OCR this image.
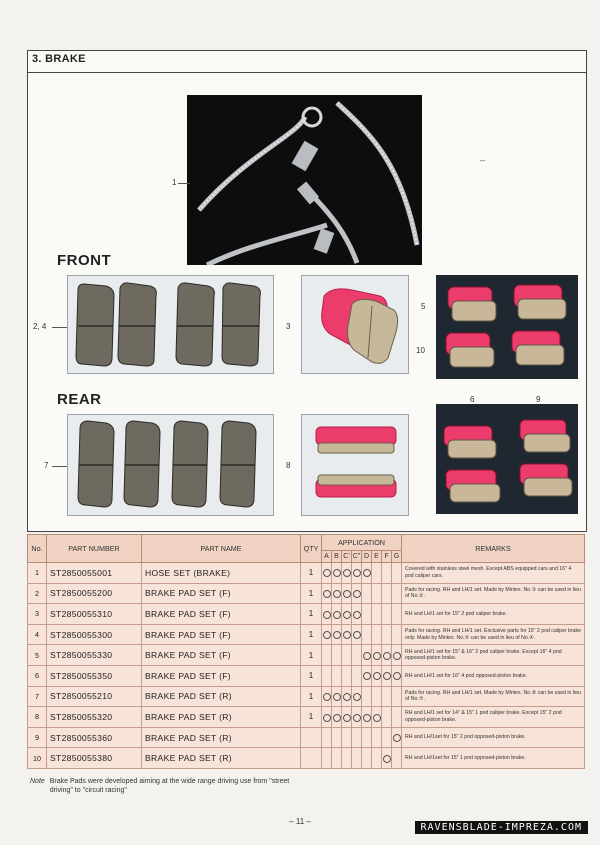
3. BRAKE
1
–
FRONT
2, 4	3
5
10
REAR
7	8
6	9
No.	PART NUMBER	PART NAME	QTY	APPLICATION								REMARKS
				A	B	C'	C"	D	E	F	G	
1	ST2850055001	HOSE SET (BRAKE)	1									Covered with stainless steel mesh. Except ABS equipped cars and 16" 4 pod caliper cars.
2	ST2850055200	BRAKE PAD SET (F)	1									Pads for racing. RH and LH/1 set. Made by Mintex. No.③ can be used in lieu of No.②.
3	ST2850055310	BRAKE PAD SET (F)	1									RH and LH/1 set for 15" 2 pod caliper brake.
4	ST2850055300	BRAKE PAD SET (F)	1									Pads for racing. RH and LH/1 set. Exclusive parts for 15" 2 pod caliper brake only. Made by Mintex. No.⑤ can be used in lieu of No.④.
5	ST2850055330	BRAKE PAD SET (F)	1									RH and LH/1 set for 15" & 16" 2 pod caliper brake. Except 16" 4 pod opposed-piston brake.
6	ST2850055350	BRAKE PAD SET (F)	1									RH and LH/1 set for 16" 4 pod opposed-piston brake.
7	ST2850055210	BRAKE PAD SET (R)	1									Pads for racing. RH and LH/1 set. Made by Mintex. No.⑧ can be used in lieu of No.⑦.
8	ST2850055320	BRAKE PAD SET (R)	1									RH and LH/1 set for 14" & 15" 1 pod caliper brake. Except 15" 2 pod opposed-piston brake.
9	ST2850055360	BRAKE PAD SET (R)										RH and LH/1set for 15" 2 pod opposed-piston brake.
10	ST2850055380	BRAKE PAD SET (R)										RH and LH/1set for 15" 1 pod opposed-piston brake.
Note Brake Pads were developed aiming at the wide range driving use from "street driving" to "circuit racing"
– 11 –
RAVENSBLADE-IMPREZA.COM
